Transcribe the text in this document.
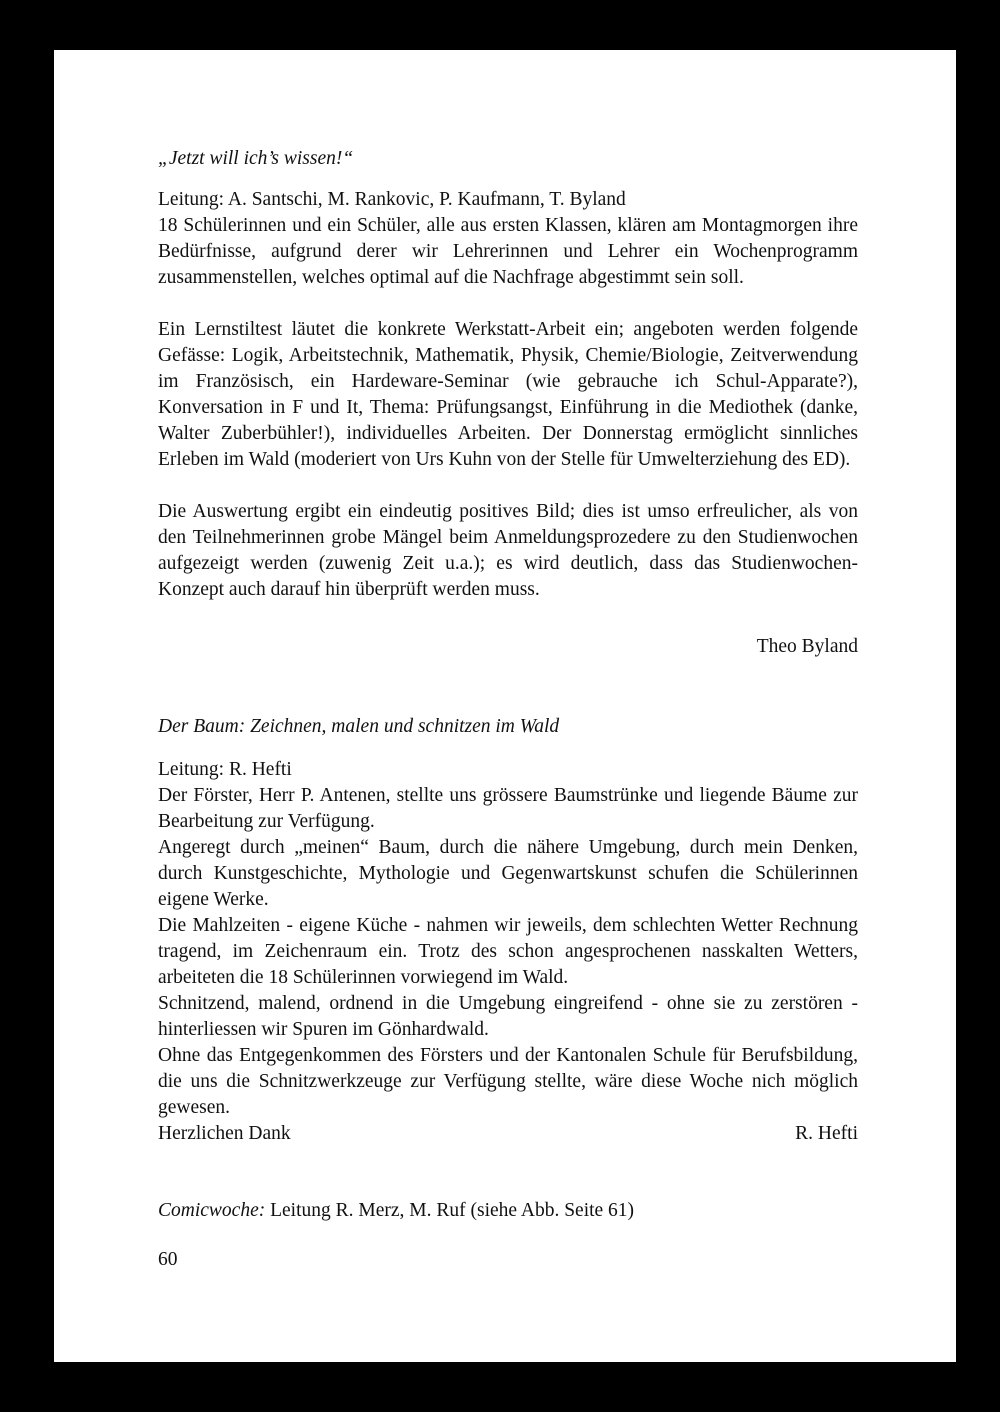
„Jetzt will ich’s wissen!“
Leitung: A. Santschi, M. Rankovic, P. Kaufmann, T. Byland
18 Schülerinnen und ein Schüler, alle aus ersten Klassen, klären am Montagmorgen ihre Bedürfnisse, aufgrund derer wir Lehrerinnen und Lehrer ein Wochenprogramm zusammenstellen, welches optimal auf die Nachfrage abgestimmt sein soll.
Ein Lernstiltest läutet die konkrete Werkstatt-Arbeit ein; angeboten werden folgende Gefässe: Logik, Arbeitstechnik, Mathematik, Physik, Chemie/Biologie, Zeitverwendung im Französisch, ein Hardeware-Seminar (wie gebrauche ich Schul-Apparate?), Konversation in F und It, Thema: Prüfungsangst, Einführung in die Mediothek (danke, Walter Zuberbühler!), individuelles Arbeiten. Der Donnerstag ermöglicht sinnliches Erleben im Wald (moderiert von Urs Kuhn von der Stelle für Umwelterziehung des ED).
Die Auswertung ergibt ein eindeutig positives Bild; dies ist umso erfreulicher, als von den Teilnehmerinnen grobe Mängel beim Anmeldungsprozedere zu den Studienwochen aufgezeigt werden (zuwenig Zeit u.a.); es wird deutlich, dass das Studienwochen-Konzept auch darauf hin überprüft werden muss.
Theo Byland
Der Baum: Zeichnen, malen und schnitzen im Wald
Leitung: R. Hefti
Der Förster, Herr P. Antenen, stellte uns grössere Baumstrünke und liegende Bäume zur Bearbeitung zur Verfügung.
Angeregt durch „meinen“ Baum, durch die nähere Umgebung, durch mein Denken, durch Kunstgeschichte, Mythologie und Gegenwartskunst schufen die Schülerinnen eigene Werke.
Die Mahlzeiten - eigene Küche - nahmen wir jeweils, dem schlechten Wetter Rechnung tragend, im Zeichenraum ein. Trotz des schon angesprochenen nasskalten Wetters, arbeiteten die 18 Schülerinnen vorwiegend im Wald.
Schnitzend, malend, ordnend in die Umgebung eingreifend - ohne sie zu zerstören - hinterliessen wir Spuren im Gönhardwald.
Ohne das Entgegenkommen des Försters und der Kantonalen Schule für Berufsbildung, die uns die Schnitzwerkzeuge zur Verfügung stellte, wäre diese Woche nich möglich gewesen.
Herzlichen Dank	R. Hefti
Comicwoche: Leitung R. Merz, M. Ruf (siehe Abb. Seite 61)
60
